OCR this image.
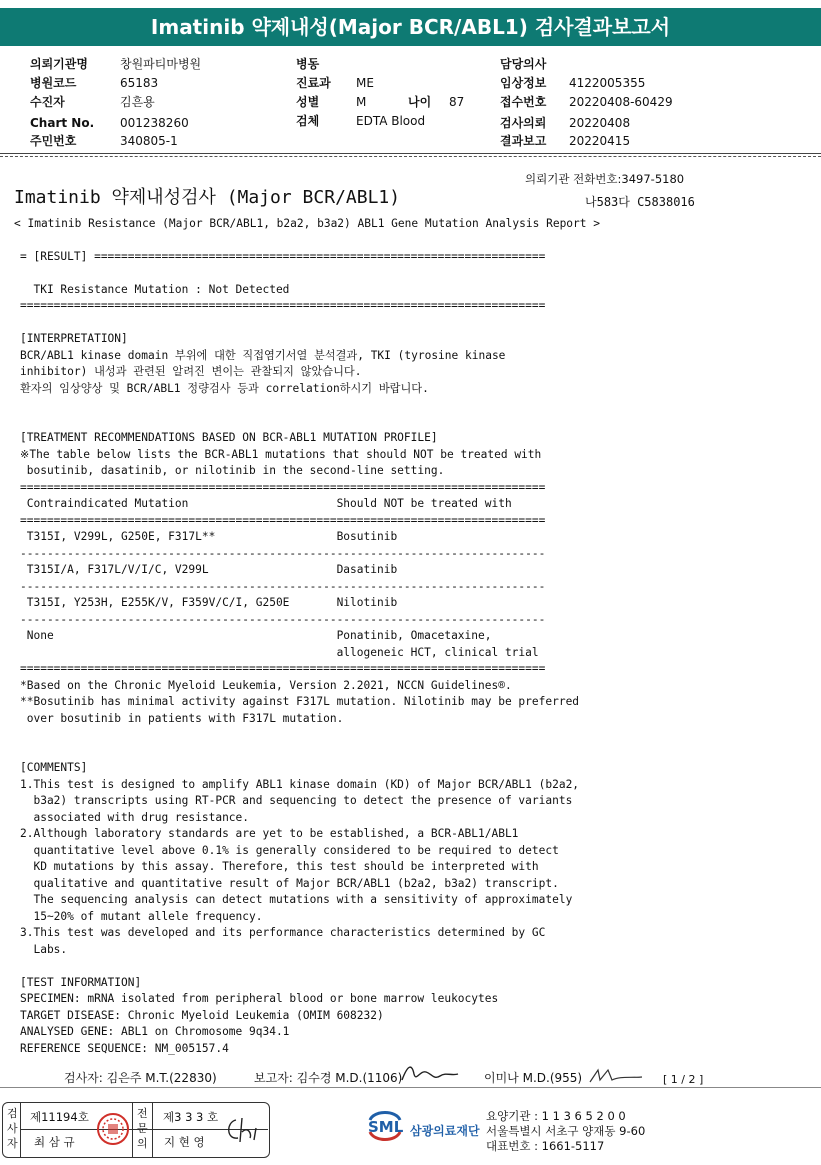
Imatinib 약제내성(Major BCR/ABL1) 검사결과보고서
의뢰기관명	창원파티마병원
병원코드	65183
수진자	김흔용
Chart No. 001238260
주민번호	340805-1
병동
진료과 ME
성별	M	나이 87
검체	EDTA Blood
담당의사
임상정보 4122005355
접수번호 20220408-60429
검사의뢰 20220408
결과보고 20220415
의뢰기관 전화번호:3497-5180
Imatinib 약제내성검사 (Major BCR/ABL1)	나583다 C5838016
< Imatinib Resistance (Major BCR/ABL1, b2a2, b3a2) ABL1 Gene Mutation Analysis Report >
= [RESULT] ===================================================================
TKI Resistance Mutation : Not Detected
==============================================================================
[INTERPRETATION]
BCR/ABL1 kinase domain 부위에 대한 직접염기서열 분석결과, TKI (tyrosine kinase
inhibitor) 내성과 관련된 알려진 변이는 관찰되지 않았습니다.
환자의 임상양상 및 BCR/ABL1 정량검사 등과 correlation하시기 바랍니다.
[TREATMENT RECOMMENDATIONS BASED ON BCR-ABL1 MUTATION PROFILE]
※The table below lists the BCR-ABL1 mutations that should NOT be treated with
bosutinib, dasatinib, or nilotinib in the second-line setting.
==============================================================================
Contraindicated Mutation                      Should NOT be treated with
==============================================================================
T315I, V299L, G250E, F317L**                  Bosutinib
------------------------------------------------------------------------------
T315I/A, F317L/V/I/C, V299L                   Dasatinib
------------------------------------------------------------------------------
T315I, Y253H, E255K/V, F359V/C/I, G250E       Nilotinib
------------------------------------------------------------------------------
None                                          Ponatinib, Omacetaxine,
allogeneic HCT, clinical trial
==============================================================================
*Based on the Chronic Myeloid Leukemia, Version 2.2021, NCCN Guidelines®.
**Bosutinib has minimal activity against F317L mutation. Nilotinib may be preferred
over bosutinib in patients with F317L mutation.
[COMMENTS]
1.This test is designed to amplify ABL1 kinase domain (KD) of Major BCR/ABL1 (b2a2,
b3a2) transcripts using RT-PCR and sequencing to detect the presence of variants
associated with drug resistance.
2.Although laboratory standards are yet to be established, a BCR-ABL1/ABL1
quantitative level above 0.1% is generally considered to be required to detect
KD mutations by this assay. Therefore, this test should be interpreted with
qualitative and quantitative result of Major BCR/ABL1 (b2a2, b3a2) transcript.
The sequencing analysis can detect mutations with a sensitivity of approximately
15~20% of mutant allele frequency.
3.This test was developed and its performance characteristics determined by GC
Labs.
[TEST INFORMATION]
SPECIMEN: mRNA isolated from peripheral blood or bone marrow leukocytes
TARGET DISEASE: Chronic Myeloid Leukemia (OMIM 608232)
ANALYSED GENE: ABL1 on Chromosome 9q34.1
REFERENCE SEQUENCE: NM_005157.4
검사자: 김은주 M.T.(22830)	보고자: 김수경 M.D.(1106)	이미나 M.D.(955)	[ 1 / 2 ]
검사자
제11194호
최 삼 규
전문의
제3 3 3 호
지 현 영
SML 삼광의료재단
요양기관 : 1 1 3 6 5 2 0 0
서울특별시 서초구 양재동 9-60
대표번호 : 1661-5117
